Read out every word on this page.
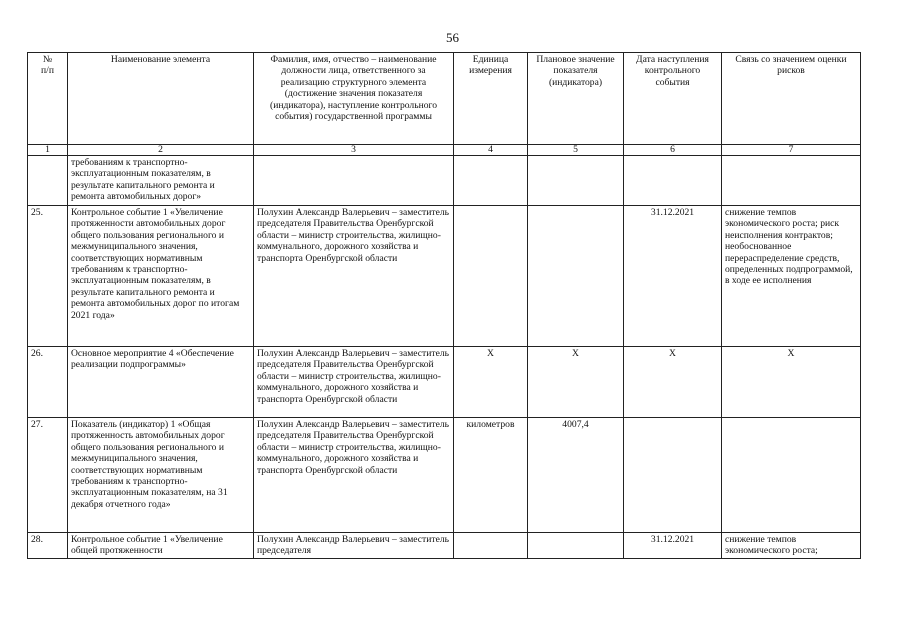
56
№
п/п	Наименование элемента	Фамилия, имя, отчество – наименование должности лица, ответственного за реализацию структурного элемента (достижение значения показателя (индикатора), наступление контрольного события) государственной программы	Единица измерения	Плановое значение показателя (индикатора)	Дата наступления контрольного события	Связь со значением оценки рисков
1	2	3	4	5	6	7
	требованиям к транспортно-эксплуатационным показателям, в результате капитального ремонта и ремонта автомобильных дорог»					
25.	Контрольное событие 1 «Увеличение протяженности автомобильных дорог общего пользования регионального и межмуниципального значения, соответствующих нормативным требованиям к транспортно-эксплуатационным показателям, в результате капитального ремонта и ремонта автомобильных дорог по итогам 2021 года»	Полухин Александр Валерьевич – заместитель председателя Правительства Оренбургской области – министр строительства, жилищно-коммунального, дорожного хозяйства и транспорта Оренбургской области			31.12.2021	снижение темпов экономического роста; риск неисполнения контрактов; необоснованное перераспределение средств, определенных подпрограммой, в ходе ее исполнения
26.	Основное мероприятие 4 «Обеспечение реализации подпрограммы»	Полухин Александр Валерьевич – заместитель председателя Правительства Оренбургской области – министр строительства, жилищно-коммунального, дорожного хозяйства и транспорта Оренбургской области	Х	Х	Х	Х
27.	Показатель (индикатор) 1 «Общая протяженность автомобильных дорог общего пользования регионального и межмуниципального значения, соответствующих нормативным требованиям к транспортно-эксплуатационным показателям, на 31 декабря отчетного года»	Полухин Александр Валерьевич – заместитель председателя Правительства Оренбургской области – министр строительства, жилищно-коммунального, дорожного хозяйства и транспорта Оренбургской области	километров	4007,4		
28.	Контрольное событие 1 «Увеличение общей протяженности	Полухин Александр Валерьевич – заместитель председателя			31.12.2021	снижение темпов экономического роста;
